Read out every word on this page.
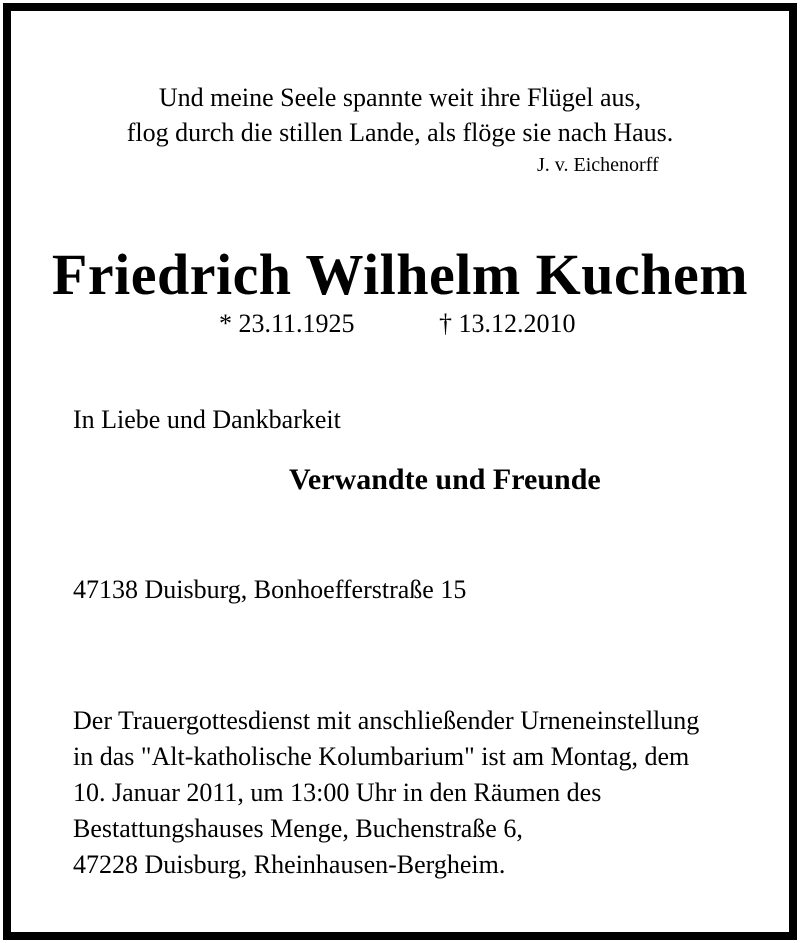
Und meine Seele spannte weit ihre Flügel aus,
flog durch die stillen Lande, als flöge sie nach Haus.
J. v. Eichenorff
Friedrich Wilhelm Kuchem
* 23.11.1925	† 13.12.2010
In Liebe und Dankbarkeit
Verwandte und Freunde
47138 Duisburg, Bonhoefferstraße 15
Der Trauergottesdienst mit anschließender Urneneinstellung
in das "Alt-katholische Kolumbarium" ist am Montag, dem
10. Januar 2011, um 13:00 Uhr in den Räumen des
Bestattungshauses Menge, Buchenstraße 6,
47228 Duisburg, Rheinhausen-Bergheim.
